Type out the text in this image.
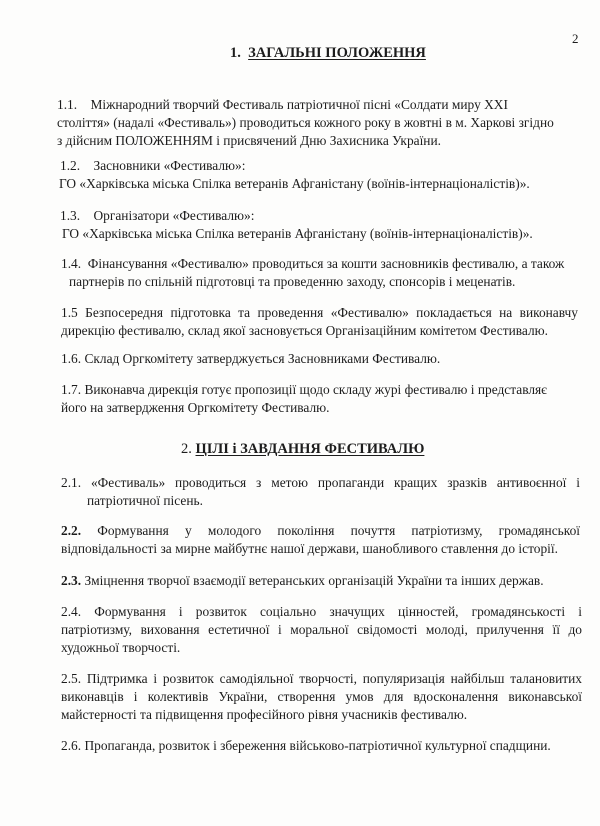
2
1. ЗАГАЛЬНІ ПОЛОЖЕННЯ
1.1. Міжнародний творчий Фестиваль патріотичної пісні «Солдати миру XXI
століття» (надалі «Фестиваль») проводиться кожного року в жовтні в м. Харкові згідно
з дійсним ПОЛОЖЕННЯМ і присвячений Дню Захисника України.
1.2. Засновники «Фестивалю»:
ГО «Харківська міська Спілка ветеранів Афганістану (воїнів-інтернаціоналістів)».
1.3. Організатори «Фестивалю»:
ГО «Харківська міська Спілка ветеранів Афганістану (воїнів-інтернаціоналістів)».
1.4. Фінансування «Фестивалю» проводиться за кошти засновників фестивалю, а також
партнерів по спільній підготовці та проведенню заходу, спонсорів і меценатів.
1.5 Безпосередня підготовка та проведення «Фестивалю» покладається на виконавчу
дирекцію фестивалю, склад якої засновується Організаційним комітетом Фестивалю.
1.6. Склад Оргкомітету затверджується Засновниками Фестивалю.
1.7. Виконавча дирекція готує пропозиції щодо складу журі фестивалю і представляє
його на затвердження Оргкомітету Фестивалю.
2. ЦІЛІ і ЗАВДАННЯ ФЕСТИВАЛЮ
2.1. «Фестиваль» проводиться з метою пропаганди кращих зразків антивоєнної і
патріотичної пісень.
2.2. Формування у молодого покоління почуття патріотизму, громадянської
відповідальності за мирне майбутнє нашої держави, шанобливого ставлення до історії.
2.3. Зміцнення творчої взаємодії ветеранських організацій України та інших держав.
2.4. Формування і розвиток соціально значущих цінностей, громадянськості і
патріотизму, виховання естетичної і моральної свідомості молоді, прилучення її до
художньої творчості.
2.5. Підтримка і розвиток самодіяльної творчості, популяризація найбільш талановитих
виконавців і колективів України, створення умов для вдосконалення виконавської
майстерності та підвищення професійного рівня учасників фестивалю.
2.6. Пропаганда, розвиток і збереження військово-патріотичної культурної спадщини.
